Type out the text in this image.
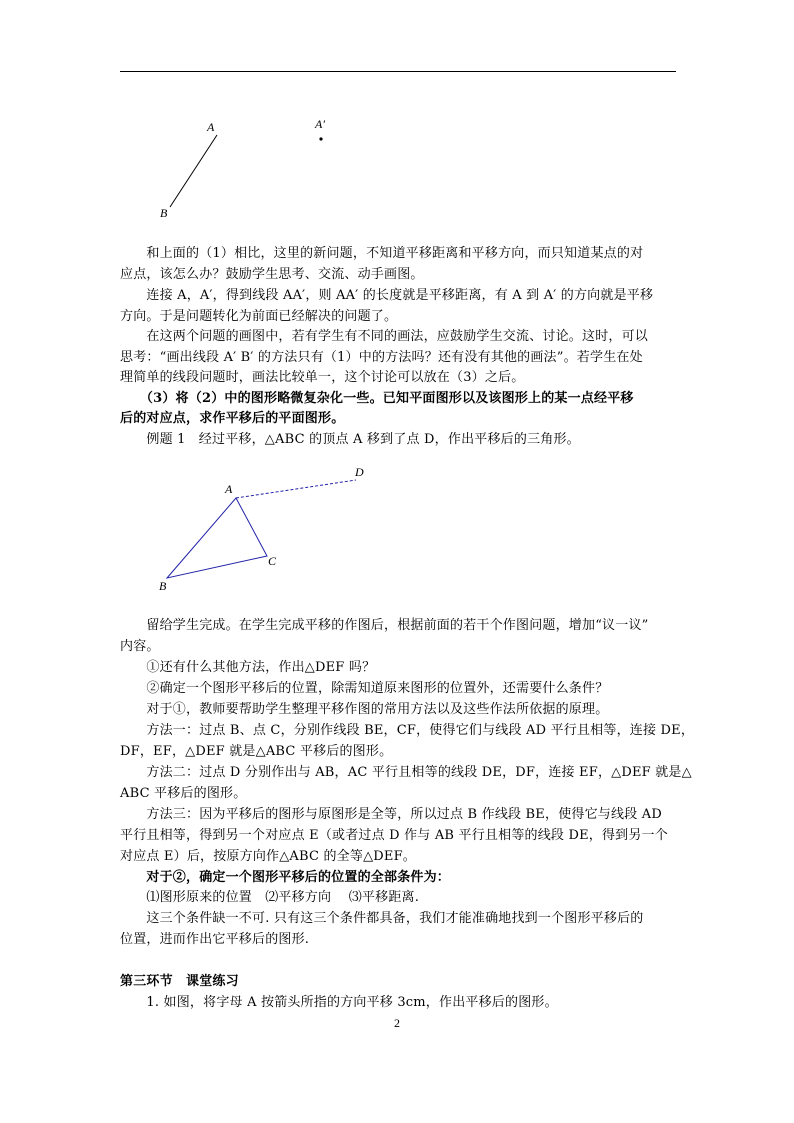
A	A′
B
A
B
C
D
　　和上面的（1）相比，这里的新问题，不知道平移距离和平移方向，而只知道某点的对
应点，该怎么办？鼓励学生思考、交流、动手画图。
　　连接 A，A′，得到线段 AA′，则 AA′ 的长度就是平移距离，有 A 到 A′ 的方向就是平移
方向。于是问题转化为前面已经解决的问题了。
　　在这两个问题的画图中，若有学生有不同的画法，应鼓励学生交流、讨论。这时，可以
思考：“画出线段 A′ B′ 的方法只有（1）中的方法吗？还有没有其他的画法”。若学生在处
理简单的线段问题时，画法比较单一，这个讨论可以放在（3）之后。
　　（3）将（2）中的图形略微复杂化一些。已知平面图形以及该图形上的某一点经平移
后的对应点，求作平移后的平面图形。
　　例题 1　经过平移，△ABC 的顶点 A 移到了点 D，作出平移后的三角形。
　　留给学生完成。在学生完成平移的作图后，根据前面的若干个作图问题，增加“议一议”
内容。
　　①还有什么其他方法，作出△DEF 吗？
　　②确定一个图形平移后的位置，除需知道原来图形的位置外，还需要什么条件？
　　对于①，教师要帮助学生整理平移作图的常用方法以及这些作法所依据的原理。
　　方法一：过点 B、点 C，分别作线段 BE，CF，使得它们与线段 AD 平行且相等，连接 DE，
DF，EF，△DEF 就是△ABC 平移后的图形。
　　方法二：过点 D 分别作出与 AB，AC 平行且相等的线段 DE，DF，连接 EF，△DEF 就是△
ABC 平移后的图形。
　　方法三：因为平移后的图形与原图形是全等，所以过点 B 作线段 BE，使得它与线段 AD
平行且相等，得到另一个对应点 E（或者过点 D 作与 AB 平行且相等的线段 DE，得到另一个
对应点 E）后，按原方向作△ABC 的全等△DEF。
　　对于②，确定一个图形平移后的位置的全部条件为：
　　⑴图形原来的位置　⑵平移方向　 ⑶平移距离.
　　这三个条件缺一不可. 只有这三个条件都具备，我们才能准确地找到一个图形平移后的
位置，进而作出它平移后的图形.
第三环节　课堂练习
　　1. 如图，将字母 A 按箭头所指的方向平移 3cm，作出平移后的图形。
2
